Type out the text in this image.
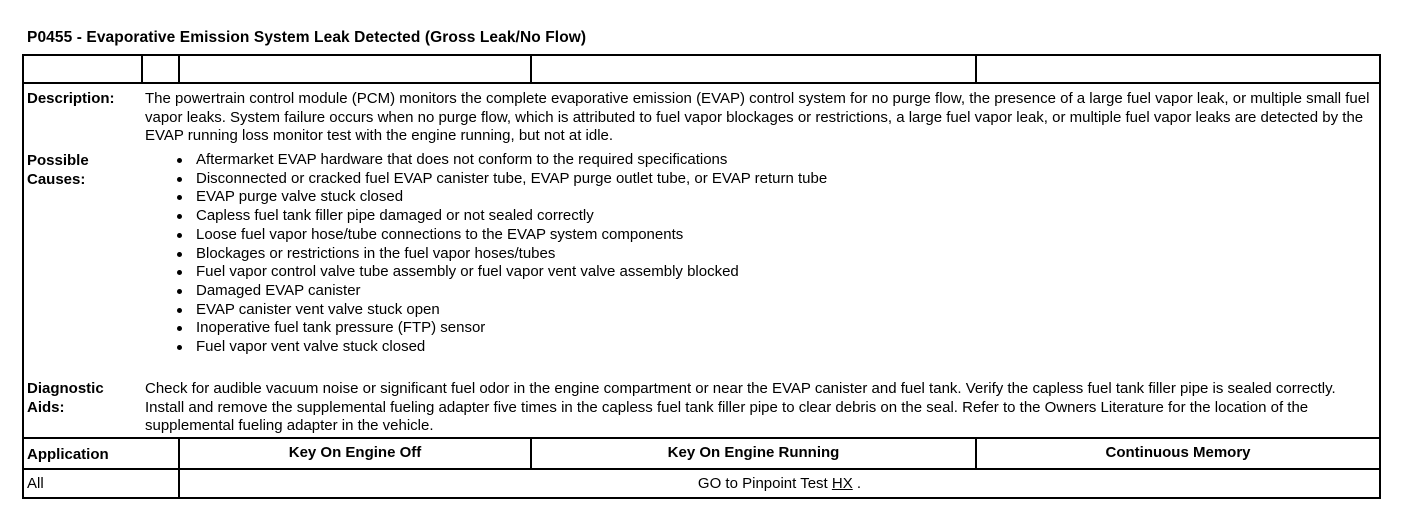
P0455 - Evaporative Emission System Leak Detected (Gross Leak/No Flow)
Description: The powertrain control module (PCM) monitors the complete evaporative emission (EVAP) control system for no purge flow, the presence of a large fuel vapor leak, or multiple small fuel vapor leaks. System failure occurs when no purge flow, which is attributed to fuel vapor blockages or restrictions, a large fuel vapor leak, or multiple fuel vapor leaks are detected by the EVAP running loss monitor test with the engine running, but not at idle.
Possible
Causes:
Aftermarket EVAP hardware that does not conform to the required specifications
Disconnected or cracked fuel EVAP canister tube, EVAP purge outlet tube, or EVAP return tube
EVAP purge valve stuck closed
Capless fuel tank filler pipe damaged or not sealed correctly
Loose fuel vapor hose/tube connections to the EVAP system components
Blockages or restrictions in the fuel vapor hoses/tubes
Fuel vapor control valve tube assembly or fuel vapor vent valve assembly blocked
Damaged EVAP canister
EVAP canister vent valve stuck open
Inoperative fuel tank pressure (FTP) sensor
Fuel vapor vent valve stuck closed
Diagnostic
Aids:
Check for audible vacuum noise or significant fuel odor in the engine compartment or near the EVAP canister and fuel tank. Verify the capless fuel tank filler pipe is sealed correctly. Install and remove the supplemental fueling adapter five times in the capless fuel tank filler pipe to clear debris on the seal. Refer to the Owners Literature for the location of the supplemental fueling adapter in the vehicle.
Application	Key On Engine Off	Key On Engine Running	Continuous Memory
All	GO to Pinpoint Test HX .
